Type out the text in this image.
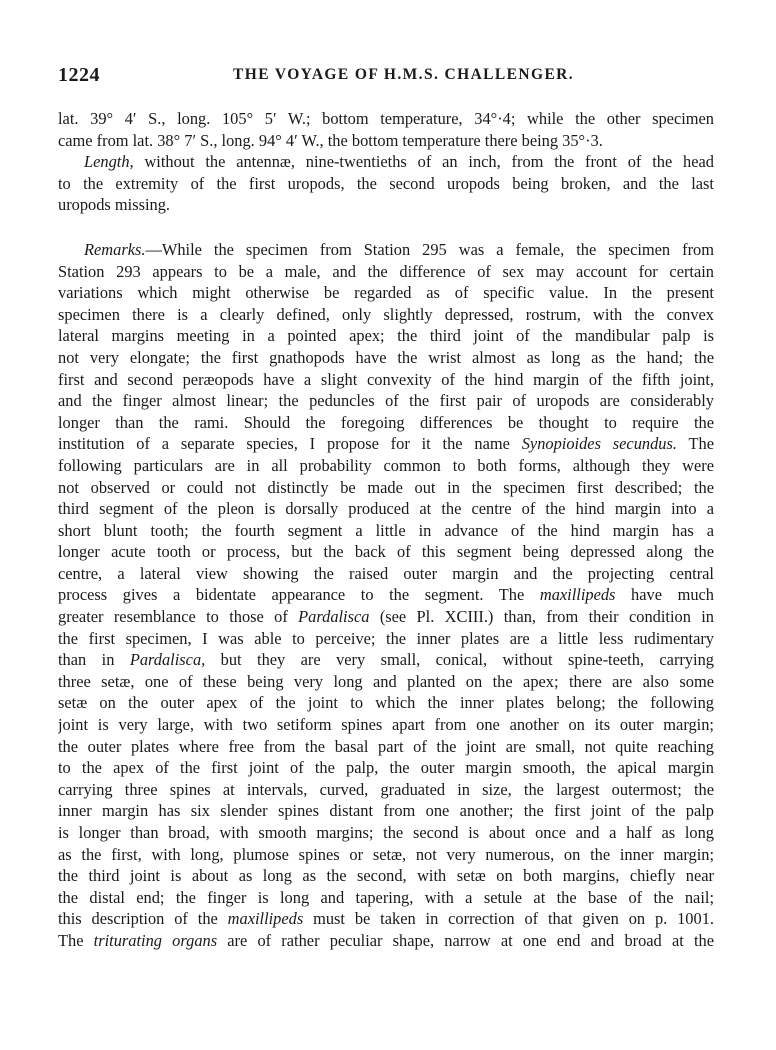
1224	THE VOYAGE OF H.M.S. CHALLENGER.
lat. 39° 4′ S., long. 105° 5′ W.; bottom temperature, 34°·4; while the other specimen
came from lat. 38° 7′ S., long. 94° 4′ W., the bottom temperature there being 35°·3.
Length, without the antennæ, nine-twentieths of an inch, from the front of the head
to the extremity of the first uropods, the second uropods being broken, and the last
uropods missing.
Remarks.—While the specimen from Station 295 was a female, the specimen from
Station 293 appears to be a male, and the difference of sex may account for certain
variations which might otherwise be regarded as of specific value. In the present
specimen there is a clearly defined, only slightly depressed, rostrum, with the convex
lateral margins meeting in a pointed apex; the third joint of the mandibular palp is
not very elongate; the first gnathopods have the wrist almost as long as the hand; the
first and second peræopods have a slight convexity of the hind margin of the fifth joint,
and the finger almost linear; the peduncles of the first pair of uropods are considerably
longer than the rami. Should the foregoing differences be thought to require the
institution of a separate species, I propose for it the name Synopioides secundus. The
following particulars are in all probability common to both forms, although they were
not observed or could not distinctly be made out in the specimen first described; the
third segment of the pleon is dorsally produced at the centre of the hind margin into a
short blunt tooth; the fourth segment a little in advance of the hind margin has a
longer acute tooth or process, but the back of this segment being depressed along the
centre, a lateral view showing the raised outer margin and the projecting central
process gives a bidentate appearance to the segment. The maxillipeds have much
greater resemblance to those of Pardalisca (see Pl. XCIII.) than, from their condition in
the first specimen, I was able to perceive; the inner plates are a little less rudimentary
than in Pardalisca, but they are very small, conical, without spine-teeth, carrying
three setæ, one of these being very long and planted on the apex; there are also some
setæ on the outer apex of the joint to which the inner plates belong; the following
joint is very large, with two setiform spines apart from one another on its outer margin;
the outer plates where free from the basal part of the joint are small, not quite reaching
to the apex of the first joint of the palp, the outer margin smooth, the apical margin
carrying three spines at intervals, curved, graduated in size, the largest outermost; the
inner margin has six slender spines distant from one another; the first joint of the palp
is longer than broad, with smooth margins; the second is about once and a half as long
as the first, with long, plumose spines or setæ, not very numerous, on the inner margin;
the third joint is about as long as the second, with setæ on both margins, chiefly near
the distal end; the finger is long and tapering, with a setule at the base of the nail;
this description of the maxillipeds must be taken in correction of that given on p. 1001.
The triturating organs are of rather peculiar shape, narrow at one end and broad at the
